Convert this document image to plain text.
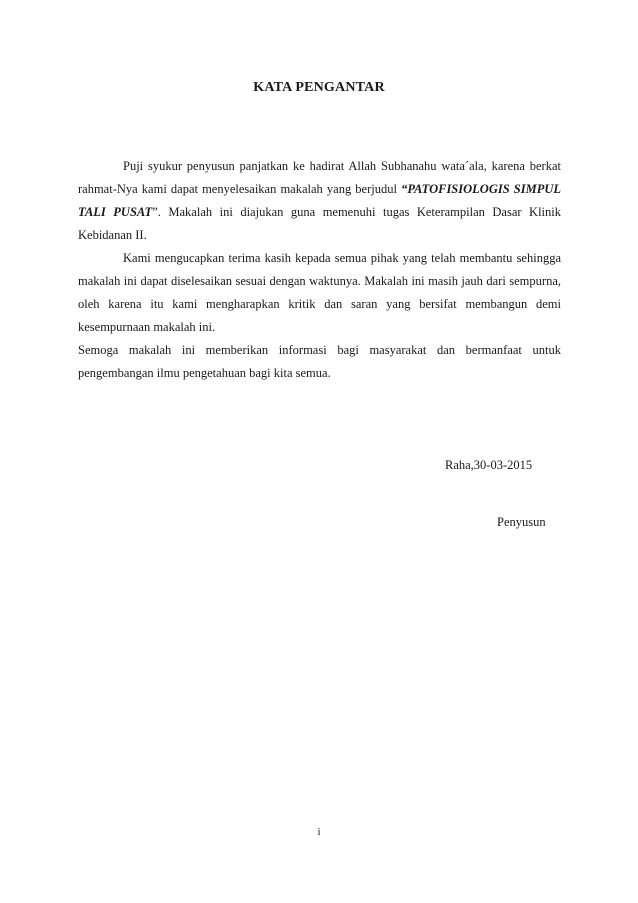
KATA PENGANTAR

Puji syukur penyusun panjatkan ke hadirat Allah Subhanahu wata´ala, karena berkat rahmat-Nya kami dapat menyelesaikan makalah yang berjudul “PATOFISIOLOGIS SIMPUL TALI PUSAT”. Makalah ini diajukan guna memenuhi tugas Keterampilan Dasar Klinik Kebidanan II.

Kami mengucapkan terima kasih kepada semua pihak yang telah membantu sehingga makalah ini dapat diselesaikan sesuai dengan waktunya. Makalah ini masih jauh dari sempurna, oleh karena itu kami mengharapkan kritik dan saran yang bersifat membangun demi kesempurnaan makalah ini.

Semoga makalah ini memberikan informasi bagi masyarakat dan bermanfaat untuk pengembangan ilmu pengetahuan bagi kita semua.

Raha,30-03-2015
Penyusun
i
